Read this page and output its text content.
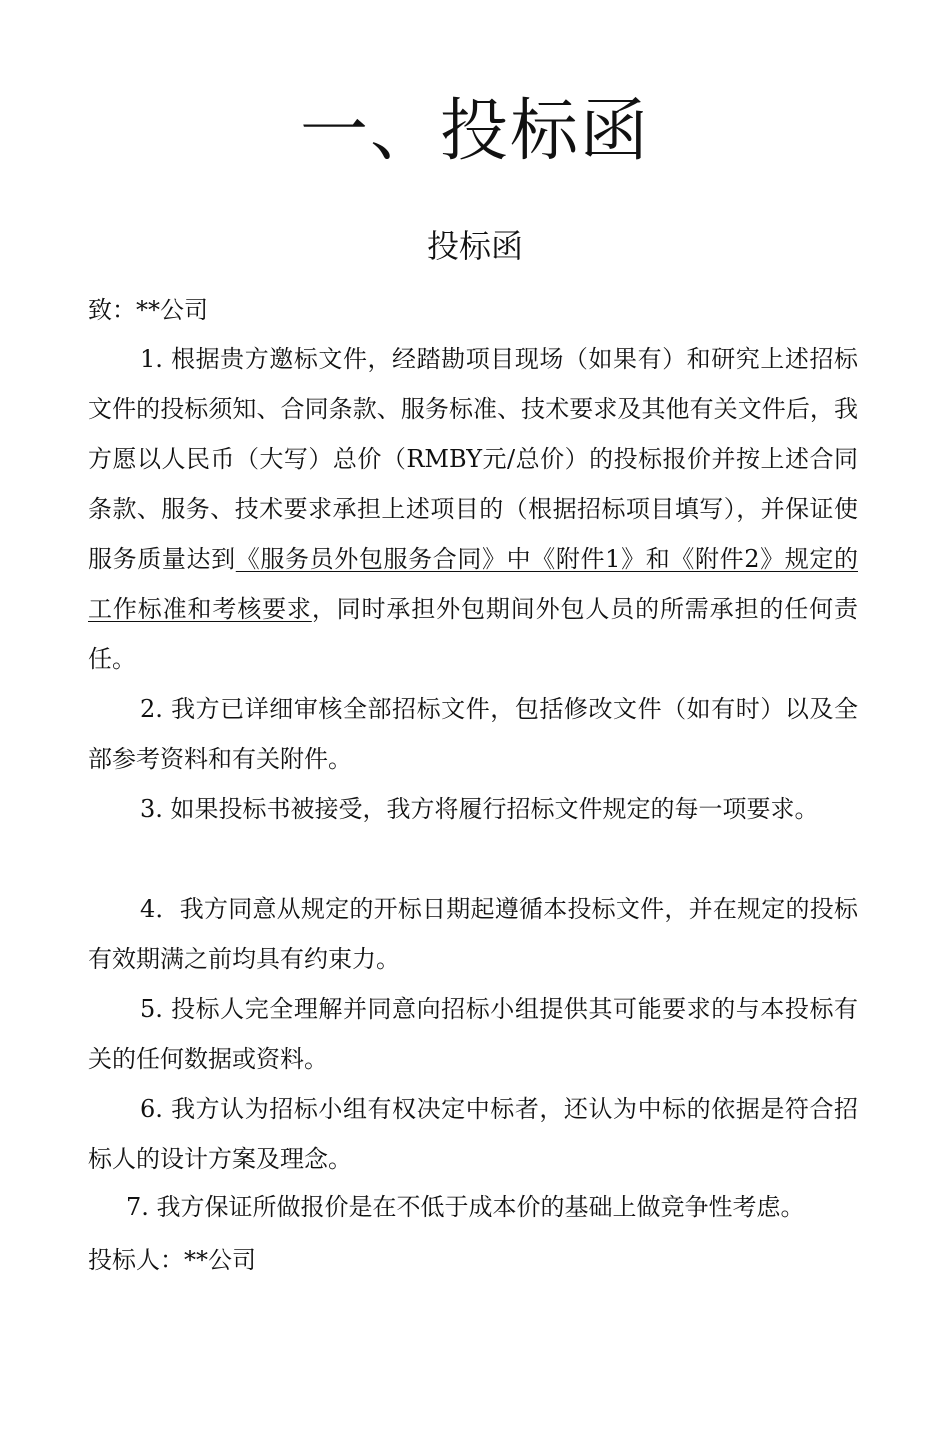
一、投标函
投标函

致：**公司

1. 根据贵方邀标文件，经踏勘项目现场（如果有）和研究上述招标文件的投标须知、合同条款、服务标准、技术要求及其他有关文件后，我方愿以人民币（大写）总价（RMBY元/总价）的投标报价并按上述合同条款、服务、技术要求承担上述项目的（根据招标项目填写），并保证使服务质量达到《服务员外包服务合同》中《附件1》和《附件2》规定的工作标准和考核要求，同时承担外包期间外包人员的所需承担的任何责任。

2. 我方已详细审核全部招标文件，包括修改文件（如有时）以及全部参考资料和有关附件。

3. 如果投标书被接受，我方将履行招标文件规定的每一项要求。

4．我方同意从规定的开标日期起遵循本投标文件，并在规定的投标有效期满之前均具有约束力。

5. 投标人完全理解并同意向招标小组提供其可能要求的与本投标有关的任何数据或资料。

6. 我方认为招标小组有权决定中标者，还认为中标的依据是符合招标人的设计方案及理念。

7. 我方保证所做报价是在不低于成本价的基础上做竞争性考虑。

投标人：**公司
